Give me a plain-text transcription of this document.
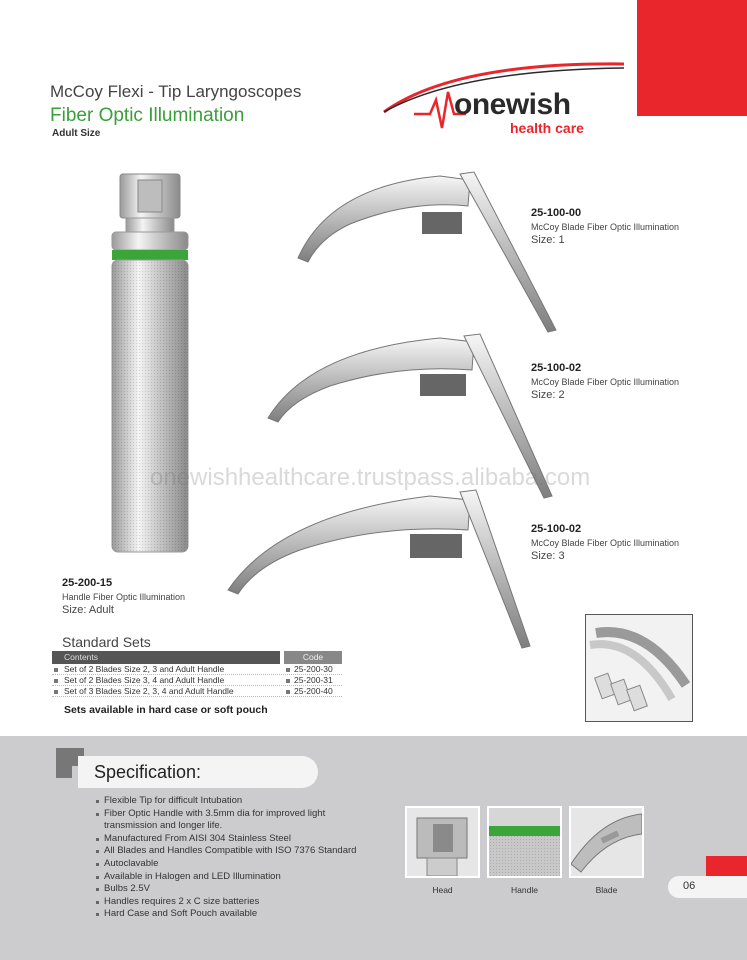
McCoy Flexi - Tip Laryngoscopes
Fiber Optic Illumination
Adult Size
onewish
health care
25-100-00
McCoy Blade Fiber Optic Illumination
Size: 1
25-100-02
McCoy Blade Fiber Optic Illumination
Size: 2
25-100-02
McCoy Blade Fiber Optic Illumination
Size: 3
25-200-15
Handle Fiber Optic Illumination
Size: Adult
onewishhealthcare.trustpass.alibaba.com
Standard Sets
Contents	Code
Set of 2 Blades Size 2, 3 and Adult Handle	25-200-30
Set of 2 Blades Size 3, 4 and Adult Handle	25-200-31
Set of 3 Blades Size 2, 3, 4 and Adult Handle	25-200-40
Sets available in hard case or soft pouch
Specification:
Flexible Tip for difficult Intubation
Fiber Optic Handle with 3.5mm dia for improved light transmission and longer life.
Manufactured From AISI 304 Stainless Steel
All Blades and Handles Compatible with ISO 7376 Standard
Autoclavable
Available in Halogen and LED Illumination
Bulbs 2.5V
Handles requires 2 x C size batteries
Hard Case and Soft Pouch available
Head	Handle	Blade	06
